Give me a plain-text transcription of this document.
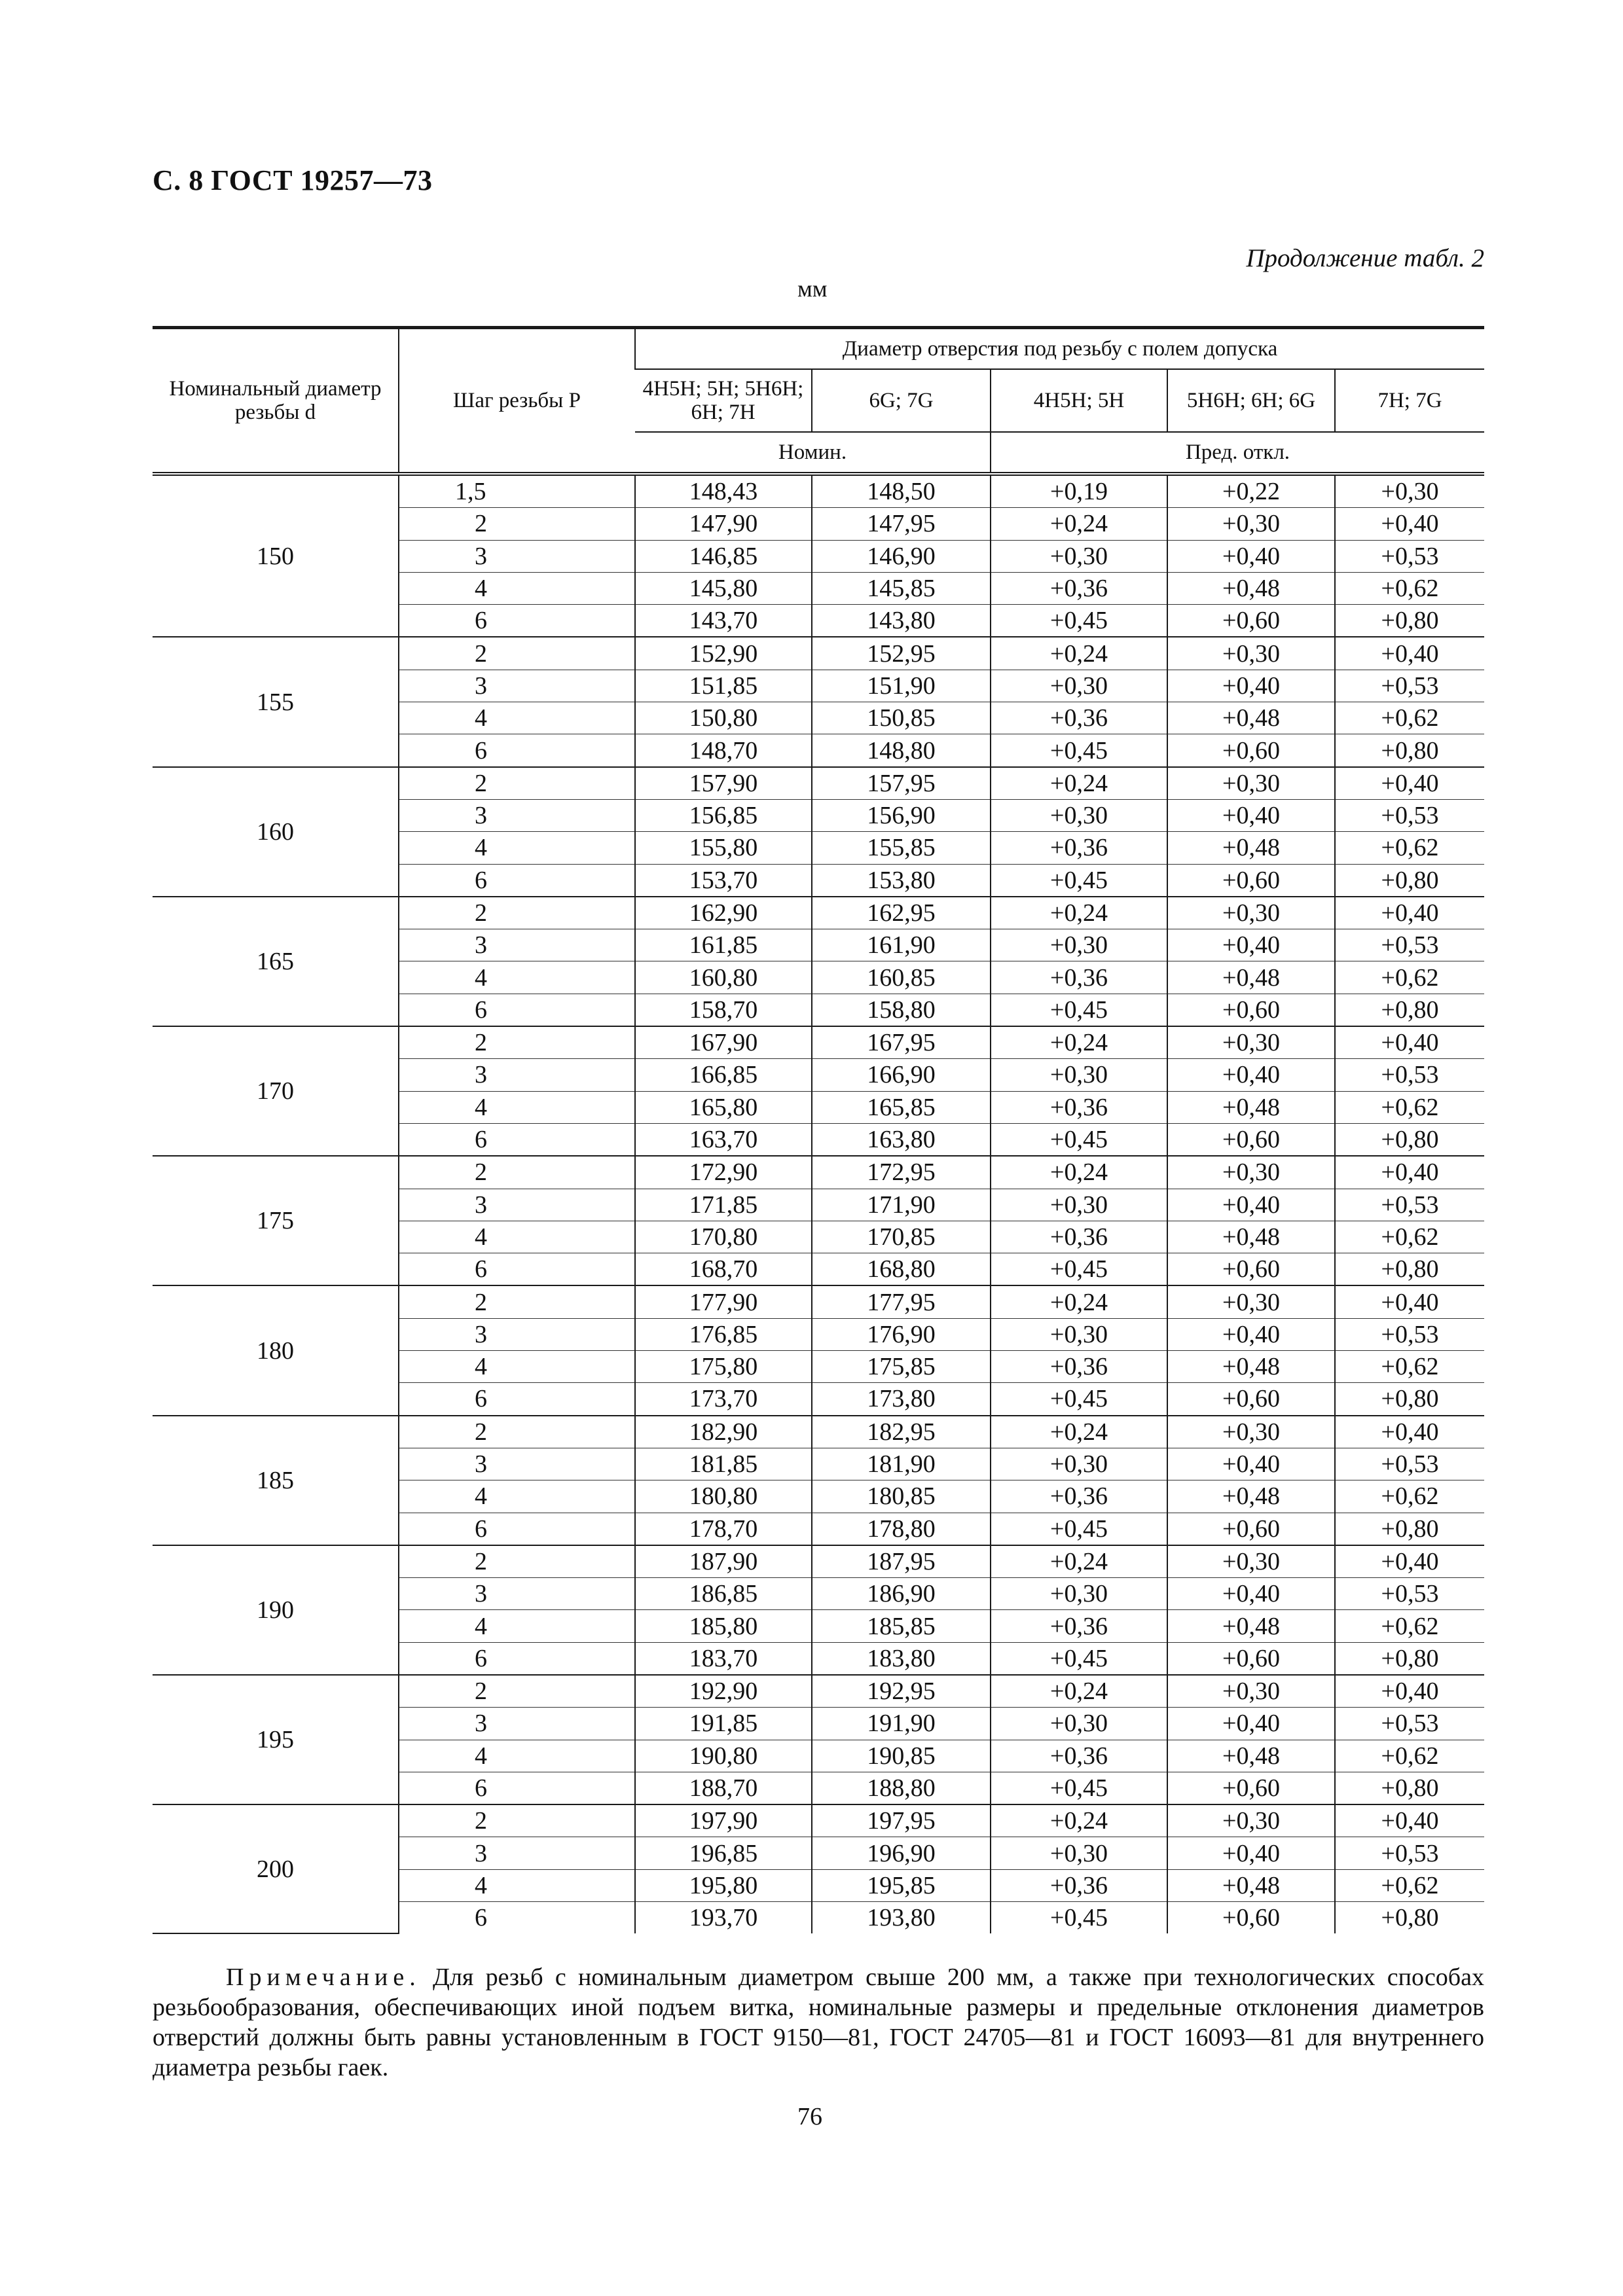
С. 8 ГОСТ 19257—73
Продолжение табл. 2
мм
Номинальный диаметр резьбы d	Шаг резьбы P	Диаметр отверстия под резьбу с полем допуска				
		4H5H; 5H; 5H6H; 6H; 7H	6G; 7G	4H5H; 5H	5H6H; 6H; 6G	7H; 7G
		Номин.		Пред. откл.		
150	1,5	148,43	148,50	+0,19	+0,22	+0,30
	2	147,90	147,95	+0,24	+0,30	+0,40
	3	146,85	146,90	+0,30	+0,40	+0,53
	4	145,80	145,85	+0,36	+0,48	+0,62
	6	143,70	143,80	+0,45	+0,60	+0,80
155	2	152,90	152,95	+0,24	+0,30	+0,40
	3	151,85	151,90	+0,30	+0,40	+0,53
	4	150,80	150,85	+0,36	+0,48	+0,62
	6	148,70	148,80	+0,45	+0,60	+0,80
160	2	157,90	157,95	+0,24	+0,30	+0,40
	3	156,85	156,90	+0,30	+0,40	+0,53
	4	155,80	155,85	+0,36	+0,48	+0,62
	6	153,70	153,80	+0,45	+0,60	+0,80
165	2	162,90	162,95	+0,24	+0,30	+0,40
	3	161,85	161,90	+0,30	+0,40	+0,53
	4	160,80	160,85	+0,36	+0,48	+0,62
	6	158,70	158,80	+0,45	+0,60	+0,80
170	2	167,90	167,95	+0,24	+0,30	+0,40
	3	166,85	166,90	+0,30	+0,40	+0,53
	4	165,80	165,85	+0,36	+0,48	+0,62
	6	163,70	163,80	+0,45	+0,60	+0,80
175	2	172,90	172,95	+0,24	+0,30	+0,40
	3	171,85	171,90	+0,30	+0,40	+0,53
	4	170,80	170,85	+0,36	+0,48	+0,62
	6	168,70	168,80	+0,45	+0,60	+0,80
180	2	177,90	177,95	+0,24	+0,30	+0,40
	3	176,85	176,90	+0,30	+0,40	+0,53
	4	175,80	175,85	+0,36	+0,48	+0,62
	6	173,70	173,80	+0,45	+0,60	+0,80
185	2	182,90	182,95	+0,24	+0,30	+0,40
	3	181,85	181,90	+0,30	+0,40	+0,53
	4	180,80	180,85	+0,36	+0,48	+0,62
	6	178,70	178,80	+0,45	+0,60	+0,80
190	2	187,90	187,95	+0,24	+0,30	+0,40
	3	186,85	186,90	+0,30	+0,40	+0,53
	4	185,80	185,85	+0,36	+0,48	+0,62
	6	183,70	183,80	+0,45	+0,60	+0,80
195	2	192,90	192,95	+0,24	+0,30	+0,40
	3	191,85	191,90	+0,30	+0,40	+0,53
	4	190,80	190,85	+0,36	+0,48	+0,62
	6	188,70	188,80	+0,45	+0,60	+0,80
200	2	197,90	197,95	+0,24	+0,30	+0,40
	3	196,85	196,90	+0,30	+0,40	+0,53
	4	195,80	195,85	+0,36	+0,48	+0,62
	6	193,70	193,80	+0,45	+0,60	+0,80

Примечание. Для резьб с номинальным диаметром свыше 200 мм, а также при технологических способах резьбообразования, обеспечивающих иной подъем витка, номинальные размеры и предельные отклонения диаметров отверстий должны быть равны установленным в ГОСТ 9150—81, ГОСТ 24705—81 и ГОСТ 16093—81 для внутреннего диаметра резьбы гаек.

76
